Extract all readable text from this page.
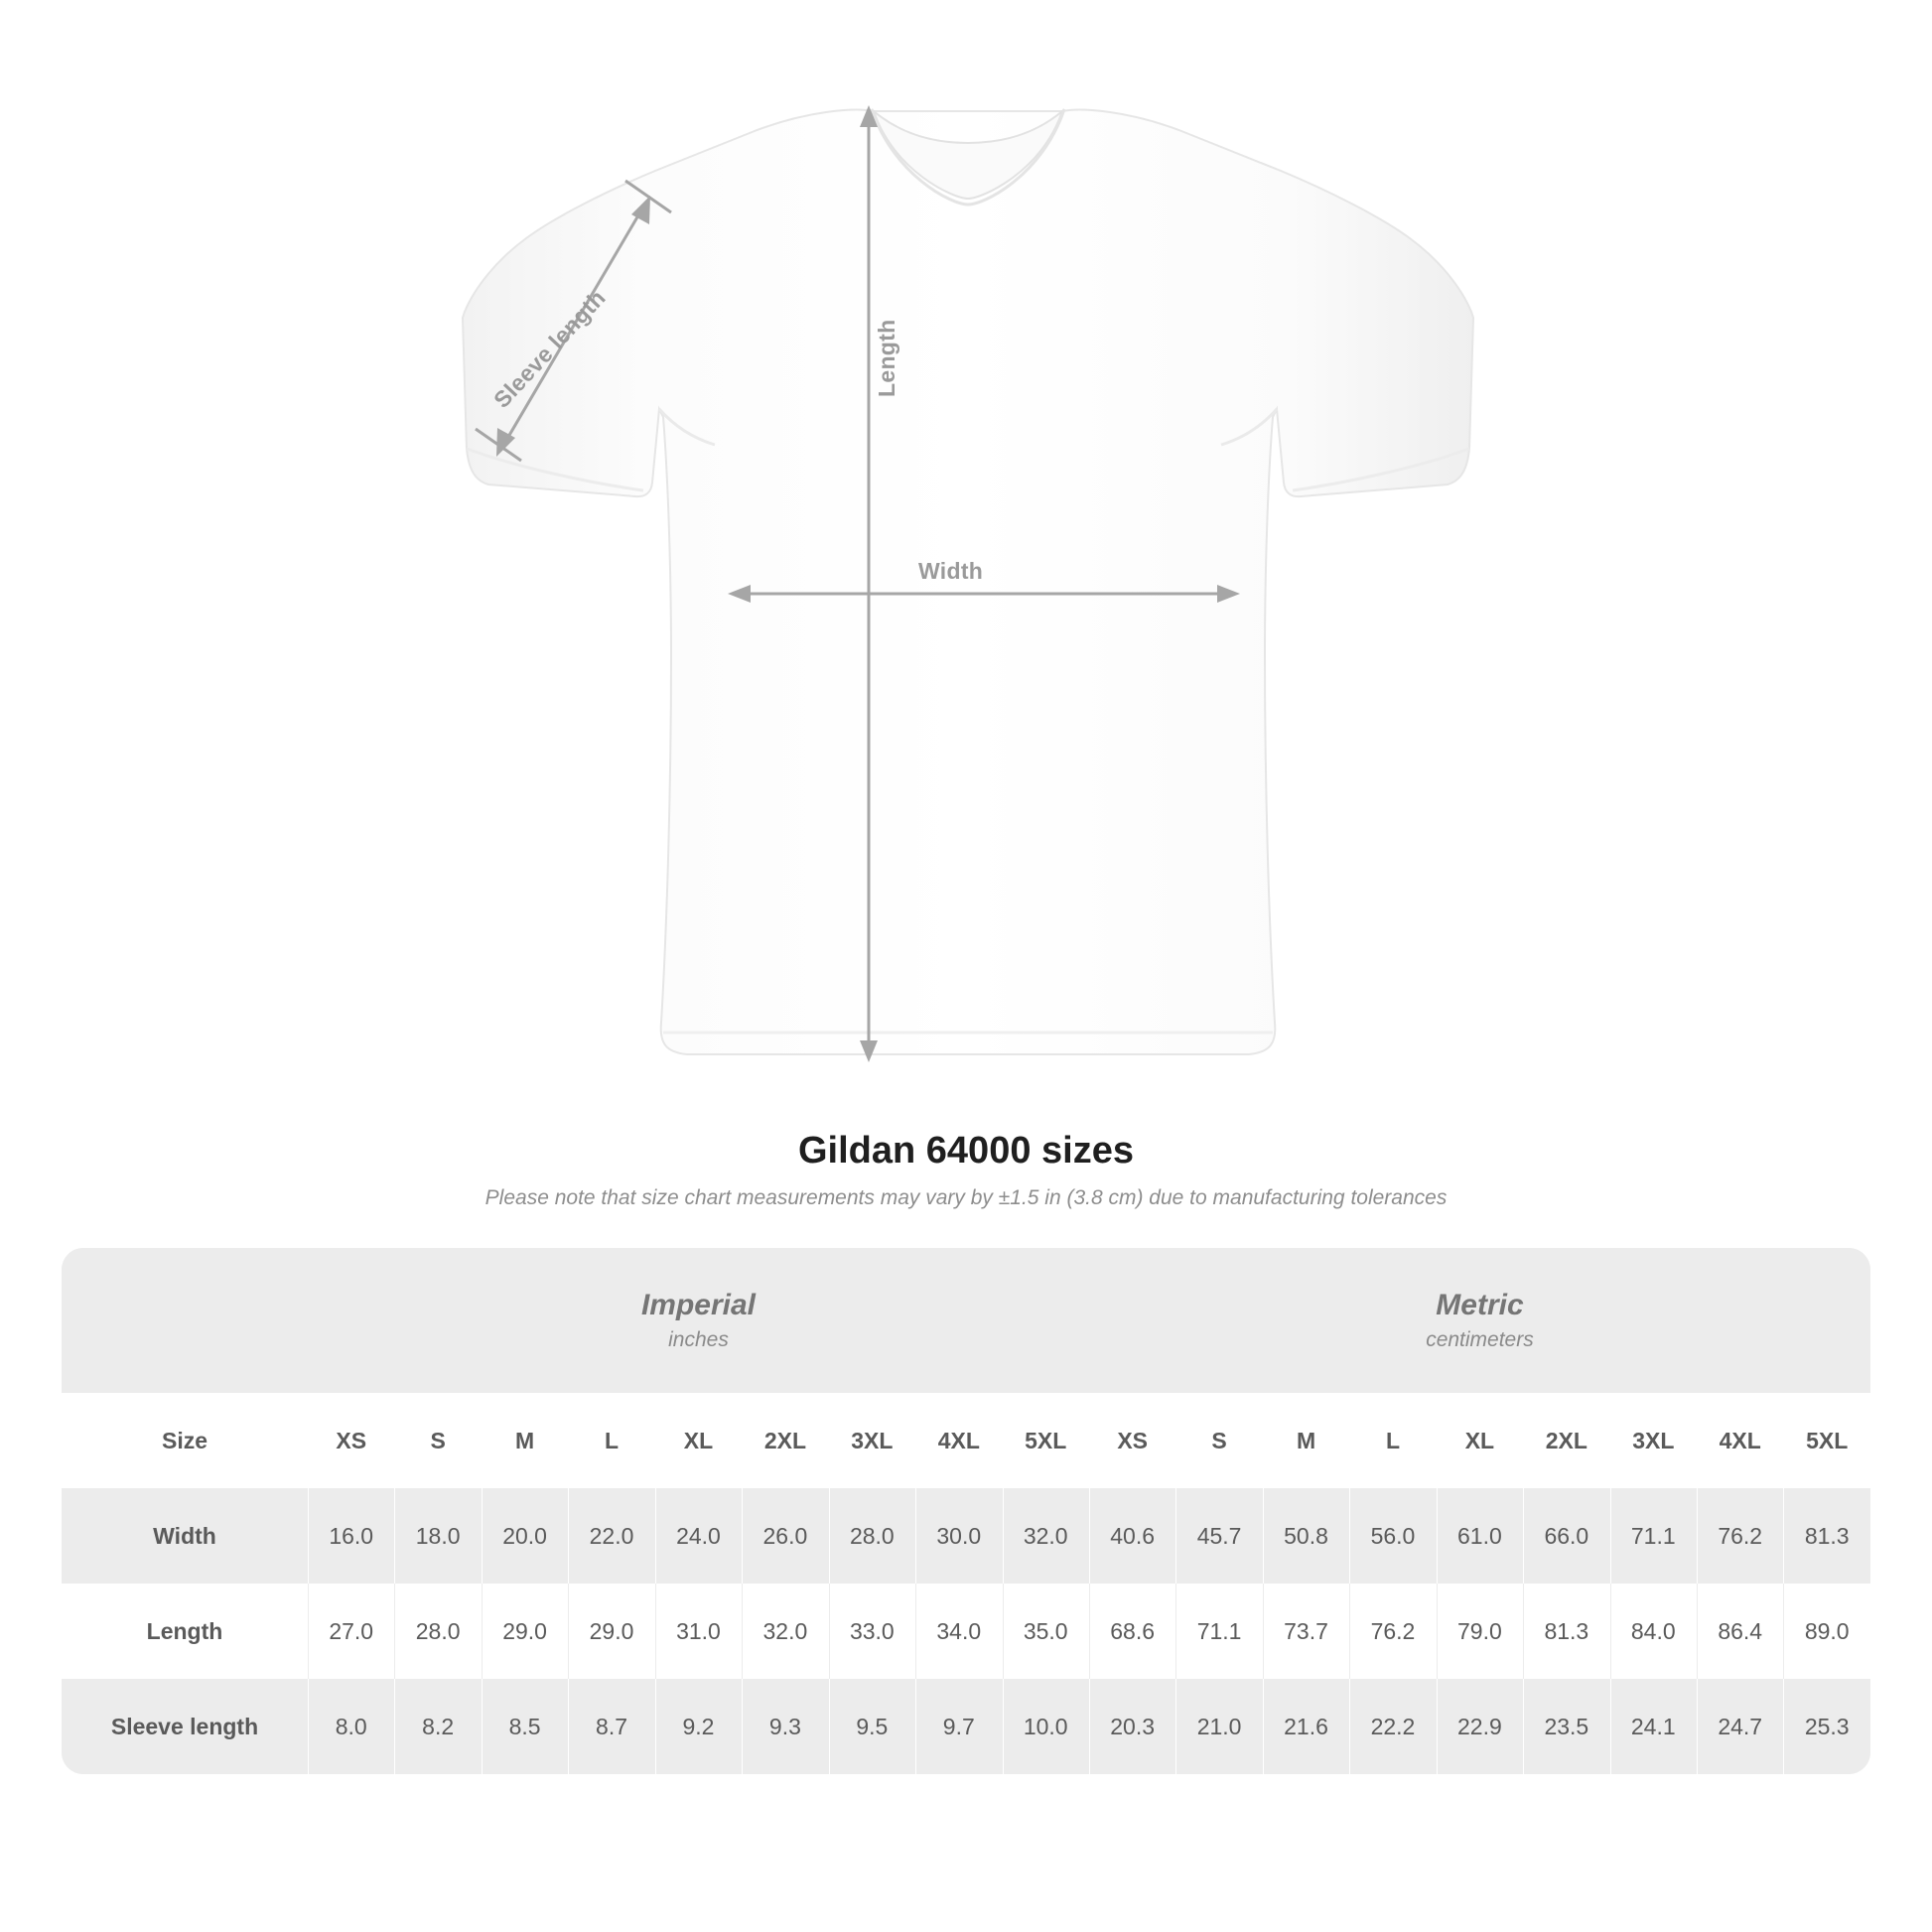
Width
Length
Sleeve length
Gildan 64000 sizes

Please note that size chart measurements may vary by ±1.5 in (3.8 cm) due to manufacturing tolerances

Imperial
inches

Metric
centimeters

Size	XS	S	M	L	XL	2XL	3XL	4XL	5XL	XS	S	M	L	XL	2XL	3XL	4XL	5XL
Width	16.0	18.0	20.0	22.0	24.0	26.0	28.0	30.0	32.0	40.6	45.7	50.8	56.0	61.0	66.0	71.1	76.2	81.3
Length	27.0	28.0	29.0	29.0	31.0	32.0	33.0	34.0	35.0	68.6	71.1	73.7	76.2	79.0	81.3	84.0	86.4	89.0
Sleeve length	8.0	8.2	8.5	8.7	9.2	9.3	9.5	9.7	10.0	20.3	21.0	21.6	22.2	22.9	23.5	24.1	24.7	25.3
